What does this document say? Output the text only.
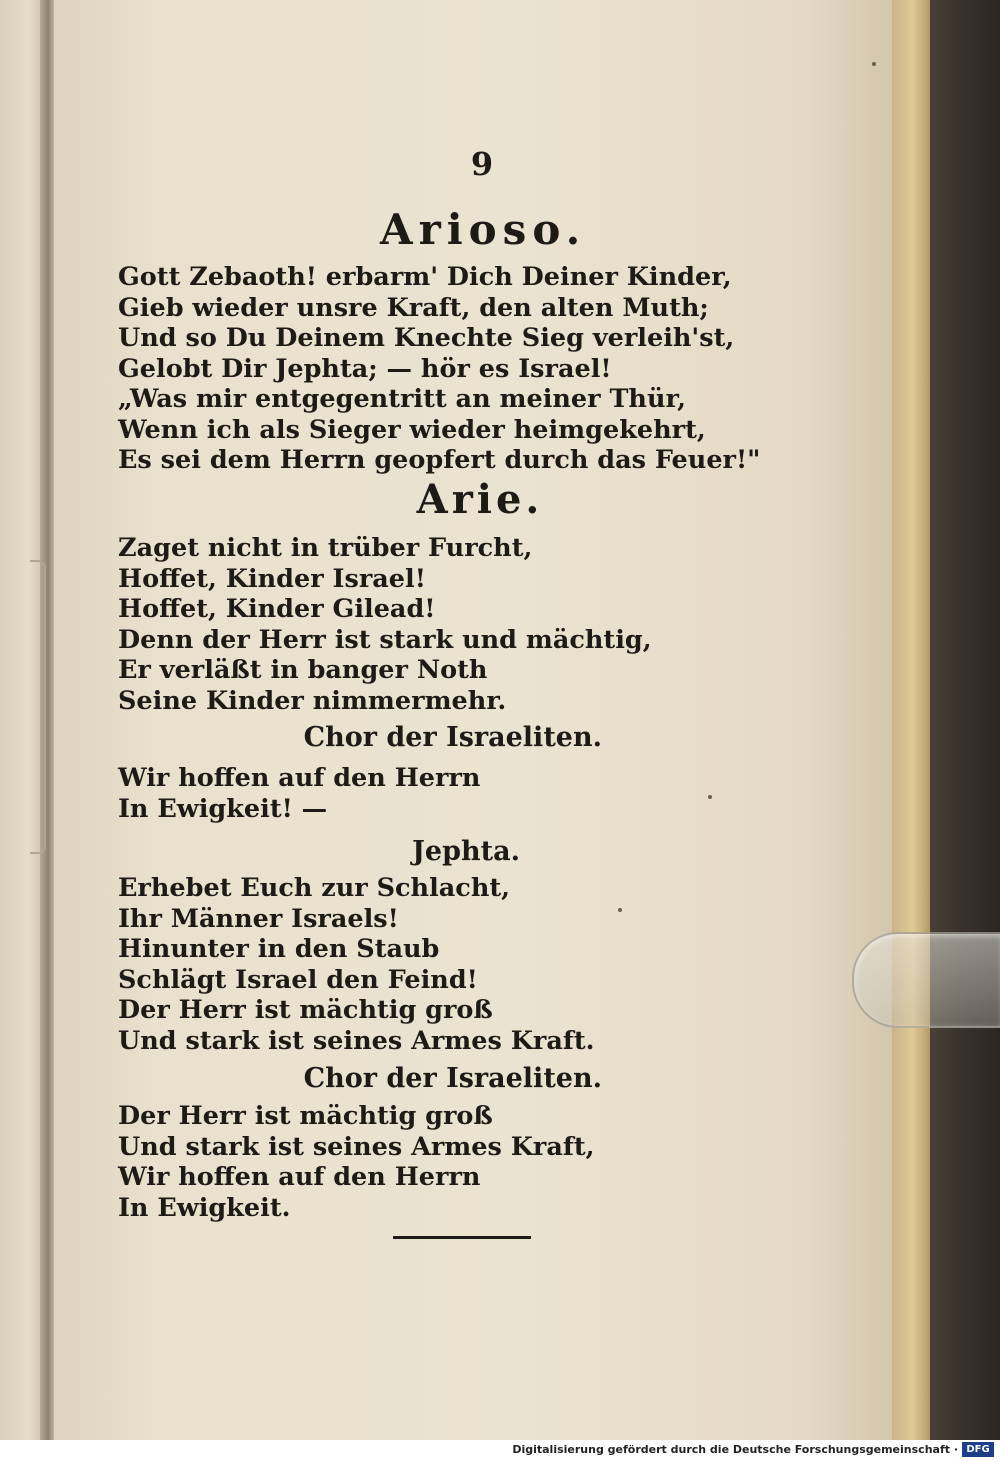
9
Arioso.
Gott Zebaoth! erbarm' Dich Deiner Kinder,
Gieb wieder unsre Kraft, den alten Muth;
Und so Du Deinem Knechte Sieg verleih'st,
Gelobt Dir Jephta; — hör es Israel!
„Was mir entgegentritt an meiner Thür,
Wenn ich als Sieger wieder heimgekehrt,
Es sei dem Herrn geopfert durch das Feuer!"
Arie.
Zaget nicht in trüber Furcht,
Hoffet, Kinder Israel!
Hoffet, Kinder Gilead!
Denn der Herr ist stark und mächtig,
Er verläßt in banger Noth
Seine Kinder nimmermehr.
Chor der Israeliten.
Wir hoffen auf den Herrn
In Ewigkeit! —
Jephta.
Erhebet Euch zur Schlacht,
Ihr Männer Israels!
Hinunter in den Staub
Schlägt Israel den Feind!
Der Herr ist mächtig groß
Und stark ist seines Armes Kraft.
Chor der Israeliten.
Der Herr ist mächtig groß
Und stark ist seines Armes Kraft,
Wir hoffen auf den Herrn
In Ewigkeit.
Digitalisierung gefördert durch die Deutsche Forschungsgemeinschaft · DFG
